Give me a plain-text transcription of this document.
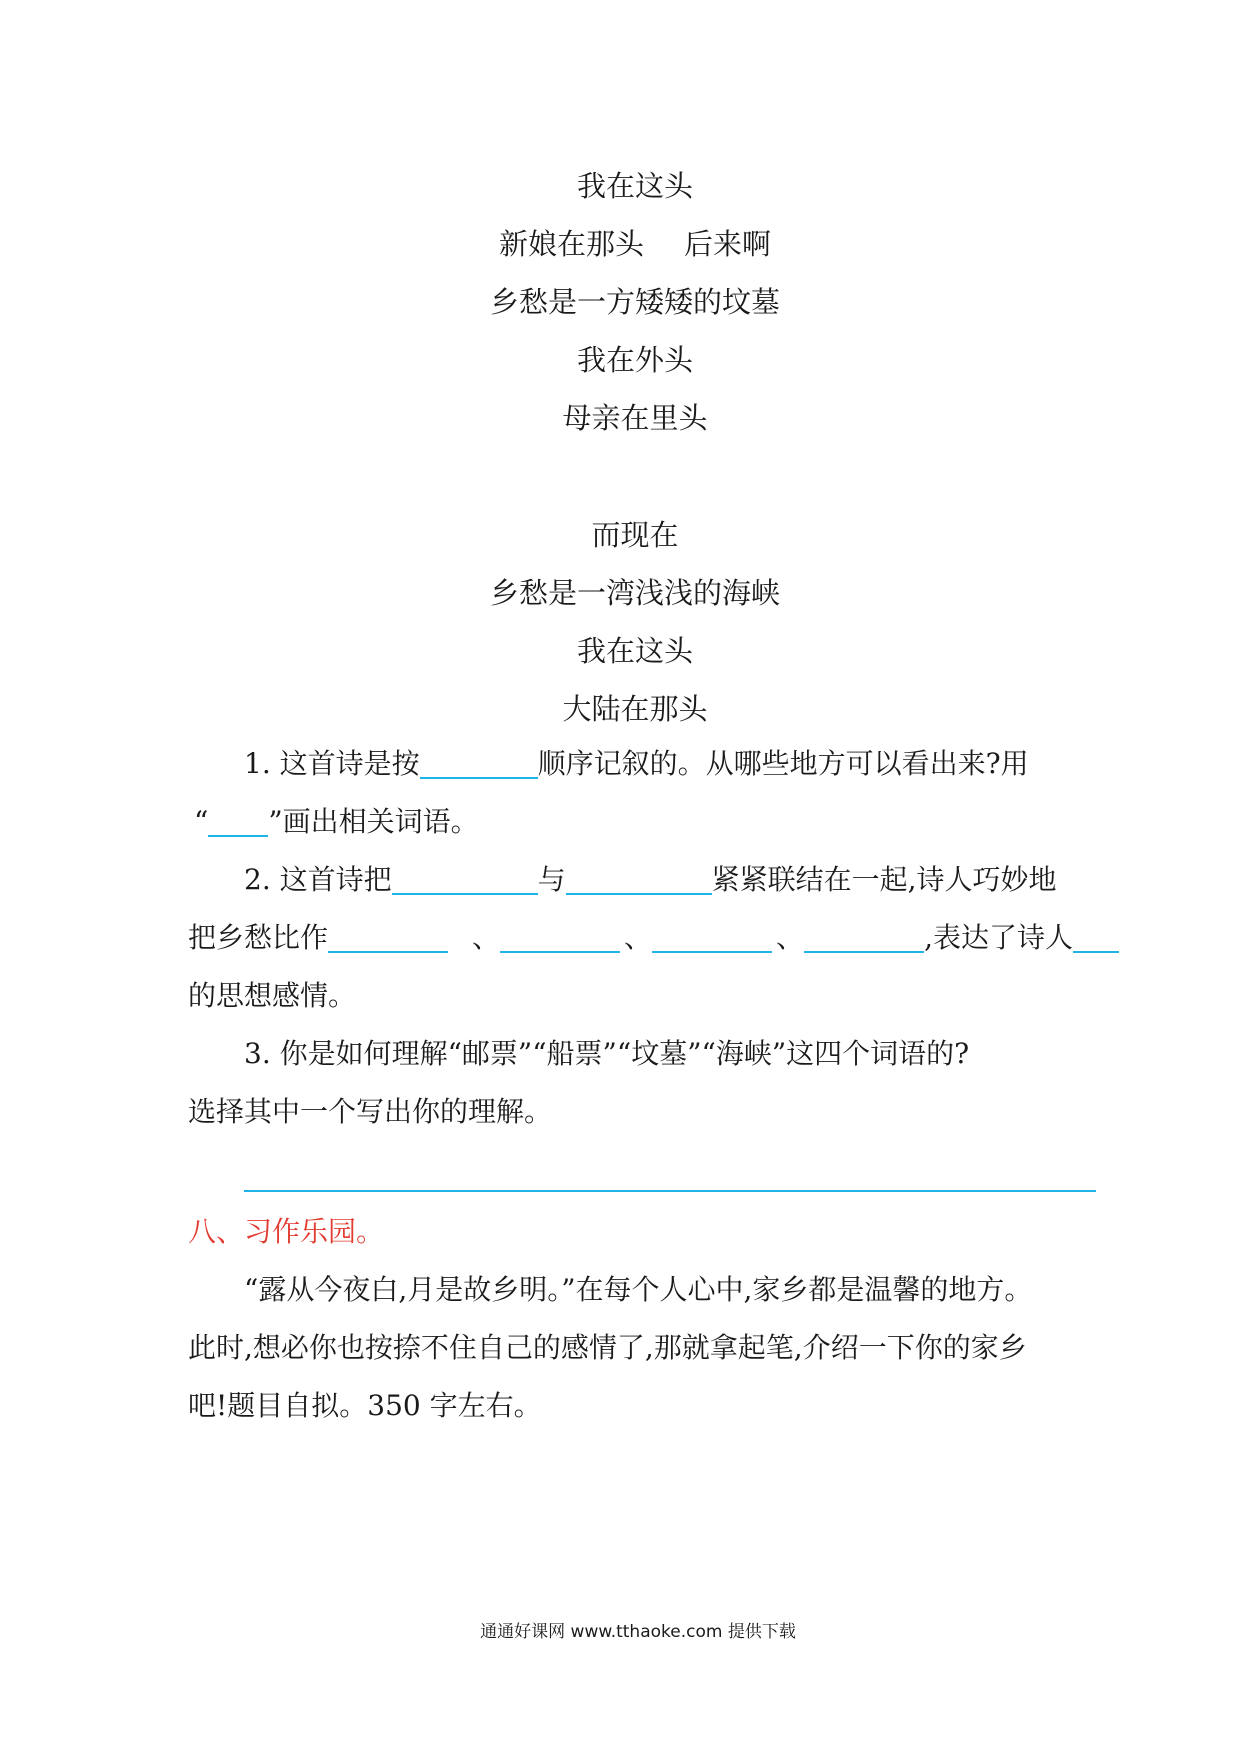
我在这头
新娘在那头 后来啊
乡愁是一方矮矮的坟墓
我在外头
母亲在里头
而现在
乡愁是一湾浅浅的海峡
我在这头
大陆在那头
1. 这首诗是按	顺序记叙的。从哪些地方可以看出来?用
“ ”画出相关词语。
2. 这首诗把	与	紧紧联结在一起,诗人巧妙地
把乡愁比作	、	、	、	,表达了诗人
的思想感情。
3. 你是如何理解“邮票”“船票”“坟墓”“海峡”这四个词语的?
选择其中一个写出你的理解。
八、习作乐园。
“露从今夜白,月是故乡明。”在每个人心中,家乡都是温馨的地方。
此时,想必你也按捺不住自己的感情了,那就拿起笔,介绍一下你的家乡
吧!题目自拟。350 字左右。
通通好课网 www.tthaoke.com 提供下载
